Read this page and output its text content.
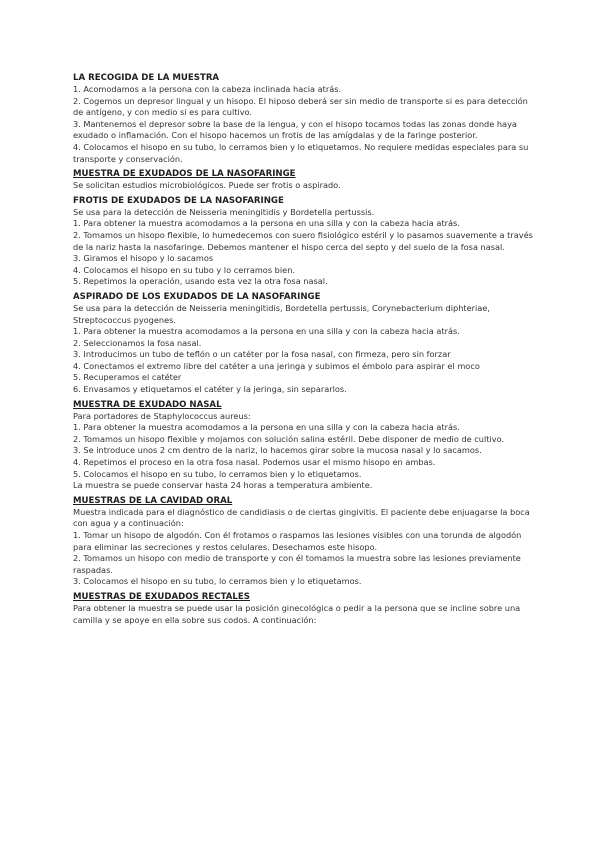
LA RECOGIDA DE LA MUESTRA

1. Acomodamos a la persona con la cabeza inclinada hacia atrás.

2. Cogemos un depresor lingual y un hisopo. El hiposo deberá ser sin medio de transporte si es para detección de antígeno, y con medio si es para cultivo.

3. Mantenemos el depresor sobre la base de la lengua, y con el hisopo tocamos todas las zonas donde haya exudado o inflamación. Con el hisopo hacemos un frotis de las amígdalas y de la faringe posterior.

4. Colocamos el hisopo en su tubo, lo cerramos bien y lo etiquetamos. No requiere medidas especiales para su transporte y conservación.

MUESTRA DE EXUDADOS DE LA NASOFARINGE

Se solicitan estudios microbiológicos. Puede ser frotis o aspirado.

FROTIS DE EXUDADOS DE LA NASOFARINGE

Se usa para la detección de Neisseria meningitidis y Bordetella pertussis.

1. Para obtener la muestra acomodamos a la persona en una silla y con la cabeza hacia atrás.

2. Tomamos un hisopo flexible, lo humedecemos con suero fisiológico estéril y lo pasamos suavemente a través de la nariz hasta la nasofaringe. Debemos mantener el hispo cerca del septo y del suelo de la fosa nasal.

3. Giramos el hisopo y lo sacamos

4. Colocamos el hisopo en su tubo y lo cerramos bien.

5. Repetimos la operación, usando esta vez la otra fosa nasal.

ASPIRADO DE LOS EXUDADOS DE LA NASOFARINGE

Se usa para la detección de Neisseria meningitidis, Bordetella pertussis, Corynebacterium diphteriae, Streptococcus pyogenes.

1. Para obtener la muestra acomodamos a la persona en una silla y con la cabeza hacia atrás.

2. Seleccionamos la fosa nasal.

3. Introducimos un tubo de teflón o un catéter por la fosa nasal, con firmeza, pero sin forzar

4. Conectamos el extremo libre del catéter a una jeringa y subimos el émbolo para aspirar el moco

5. Recuperamos el catéter

6. Envasamos y etiquetamos el catéter y la jeringa, sin separarlos.

MUESTRA DE EXUDADO NASAL

Para portadores de Staphylococcus aureus:

1. Para obtener la muestra acomodamos a la persona en una silla y con la cabeza hacia atrás.

2. Tomamos un hisopo flexible y mojamos con solución salina estéril. Debe disponer de medio de cultivo.

3. Se introduce unos 2 cm dentro de la nariz, lo hacemos girar sobre la mucosa nasal y lo sacamos.

4. Repetimos el proceso en la otra fosa nasal. Podemos usar el mismo hisopo en ambas.

5. Colocamos el hisopo en su tubo, lo cerramos bien y lo etiquetamos.

La muestra se puede conservar hasta 24 horas a temperatura ambiente.

MUESTRAS DE LA CAVIDAD ORAL

Muestra indicada para el diagnóstico de candidiasis o de ciertas gingivitis. El paciente debe enjuagarse la boca con agua y a continuación:

1. Tomar un hisopo de algodón. Con él frotamos o raspamos las lesiones visibles con una torunda de algodón para eliminar las secreciones y restos celulares. Desechamos este hisopo.

2. Tomamos un hisopo con medio de transporte y con él tomamos la muestra sobre las lesiones previamente raspadas.

3. Colocamos el hisopo en su tubo, lo cerramos bien y lo etiquetamos.

MUESTRAS DE EXUDADOS RECTALES

Para obtener la muestra se puede usar la posición ginecológica o pedir a la persona que se incline sobre una camilla y se apoye en ella sobre sus codos. A continuación:
